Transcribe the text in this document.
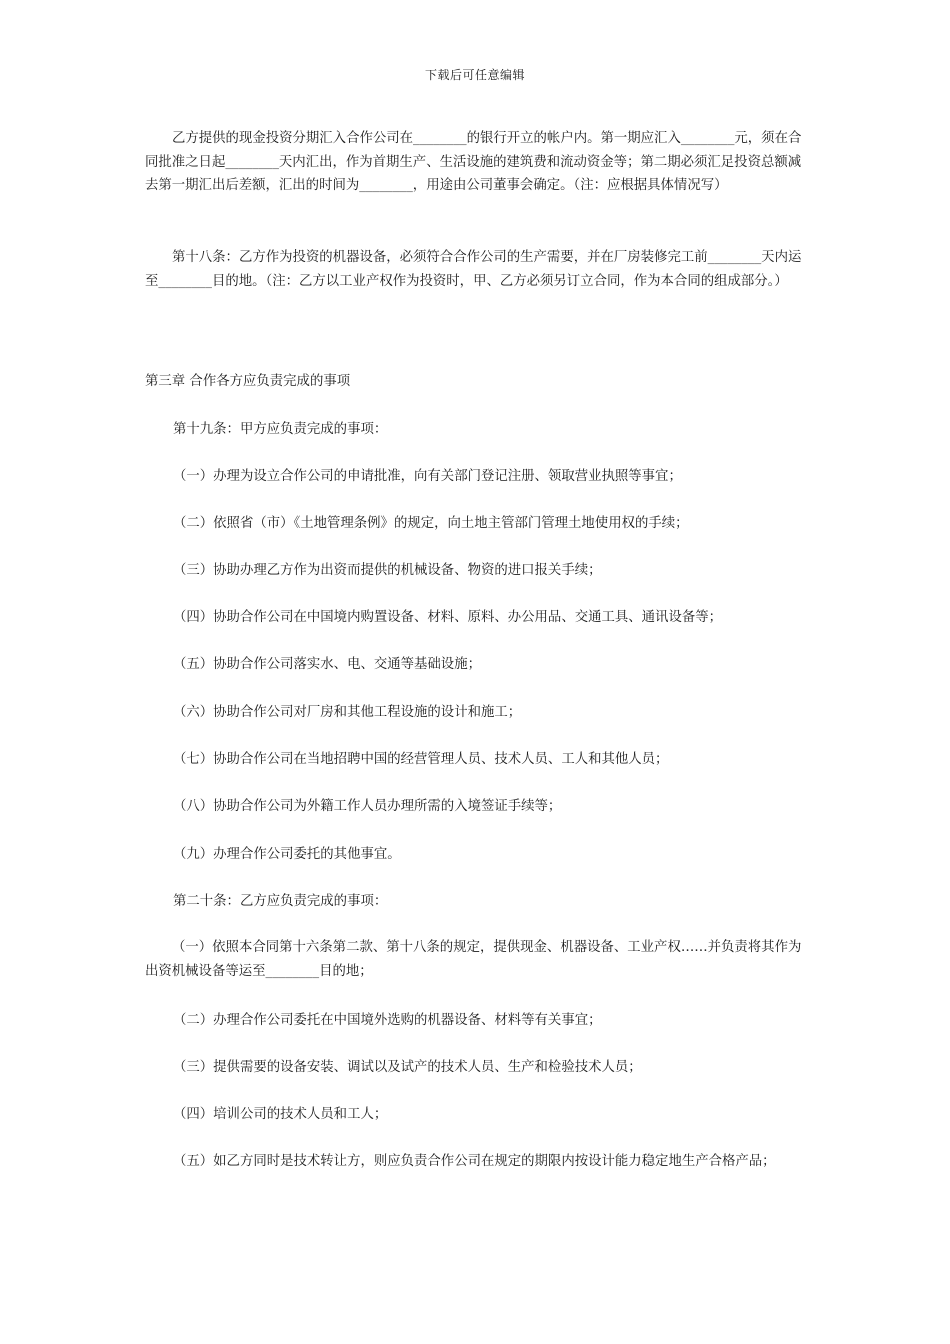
下载后可任意编辑

乙方提供的现金投资分期汇入合作公司在________的银行开立的帐户内。第一期应汇入________元，须在合同批准之日起________天内汇出，作为首期生产、生活设施的建筑费和流动资金等；第二期必须汇足投资总额减去第一期汇出后差额，汇出的时间为________，用途由公司董事会确定。（注：应根据具体情况写）

第十八条：乙方作为投资的机器设备，必须符合合作公司的生产需要，并在厂房装修完工前________天内运至________目的地。（注：乙方以工业产权作为投资时，甲、乙方必须另订立合同，作为本合同的组成部分。）

第三章 合作各方应负责完成的事项
第十九条：甲方应负责完成的事项：
（一）办理为设立合作公司的申请批准，向有关部门登记注册、领取营业执照等事宜；
（二）依照省（市）《土地管理条例》的规定，向土地主管部门管理土地使用权的手续；
（三）协助办理乙方作为出资而提供的机械设备、物资的进口报关手续；
（四）协助合作公司在中国境内购置设备、材料、原料、办公用品、交通工具、通讯设备等；
（五）协助合作公司落实水、电、交通等基础设施；
（六）协助合作公司对厂房和其他工程设施的设计和施工；
（七）协助合作公司在当地招聘中国的经营管理人员、技术人员、工人和其他人员；
（八）协助合作公司为外籍工作人员办理所需的入境签证手续等；
（九）办理合作公司委托的其他事宜。
第二十条：乙方应负责完成的事项：

（一）依照本合同第十六条第二款、第十八条的规定，提供现金、机器设备、工业产权……并负责将其作为出资机械设备等运至________目的地；

（二）办理合作公司委托在中国境外选购的机器设备、材料等有关事宜；
（三）提供需要的设备安装、调试以及试产的技术人员、生产和检验技术人员；
（四）培训公司的技术人员和工人；
（五）如乙方同时是技术转让方，则应负责合作公司在规定的期限内按设计能力稳定地生产合格产品；
